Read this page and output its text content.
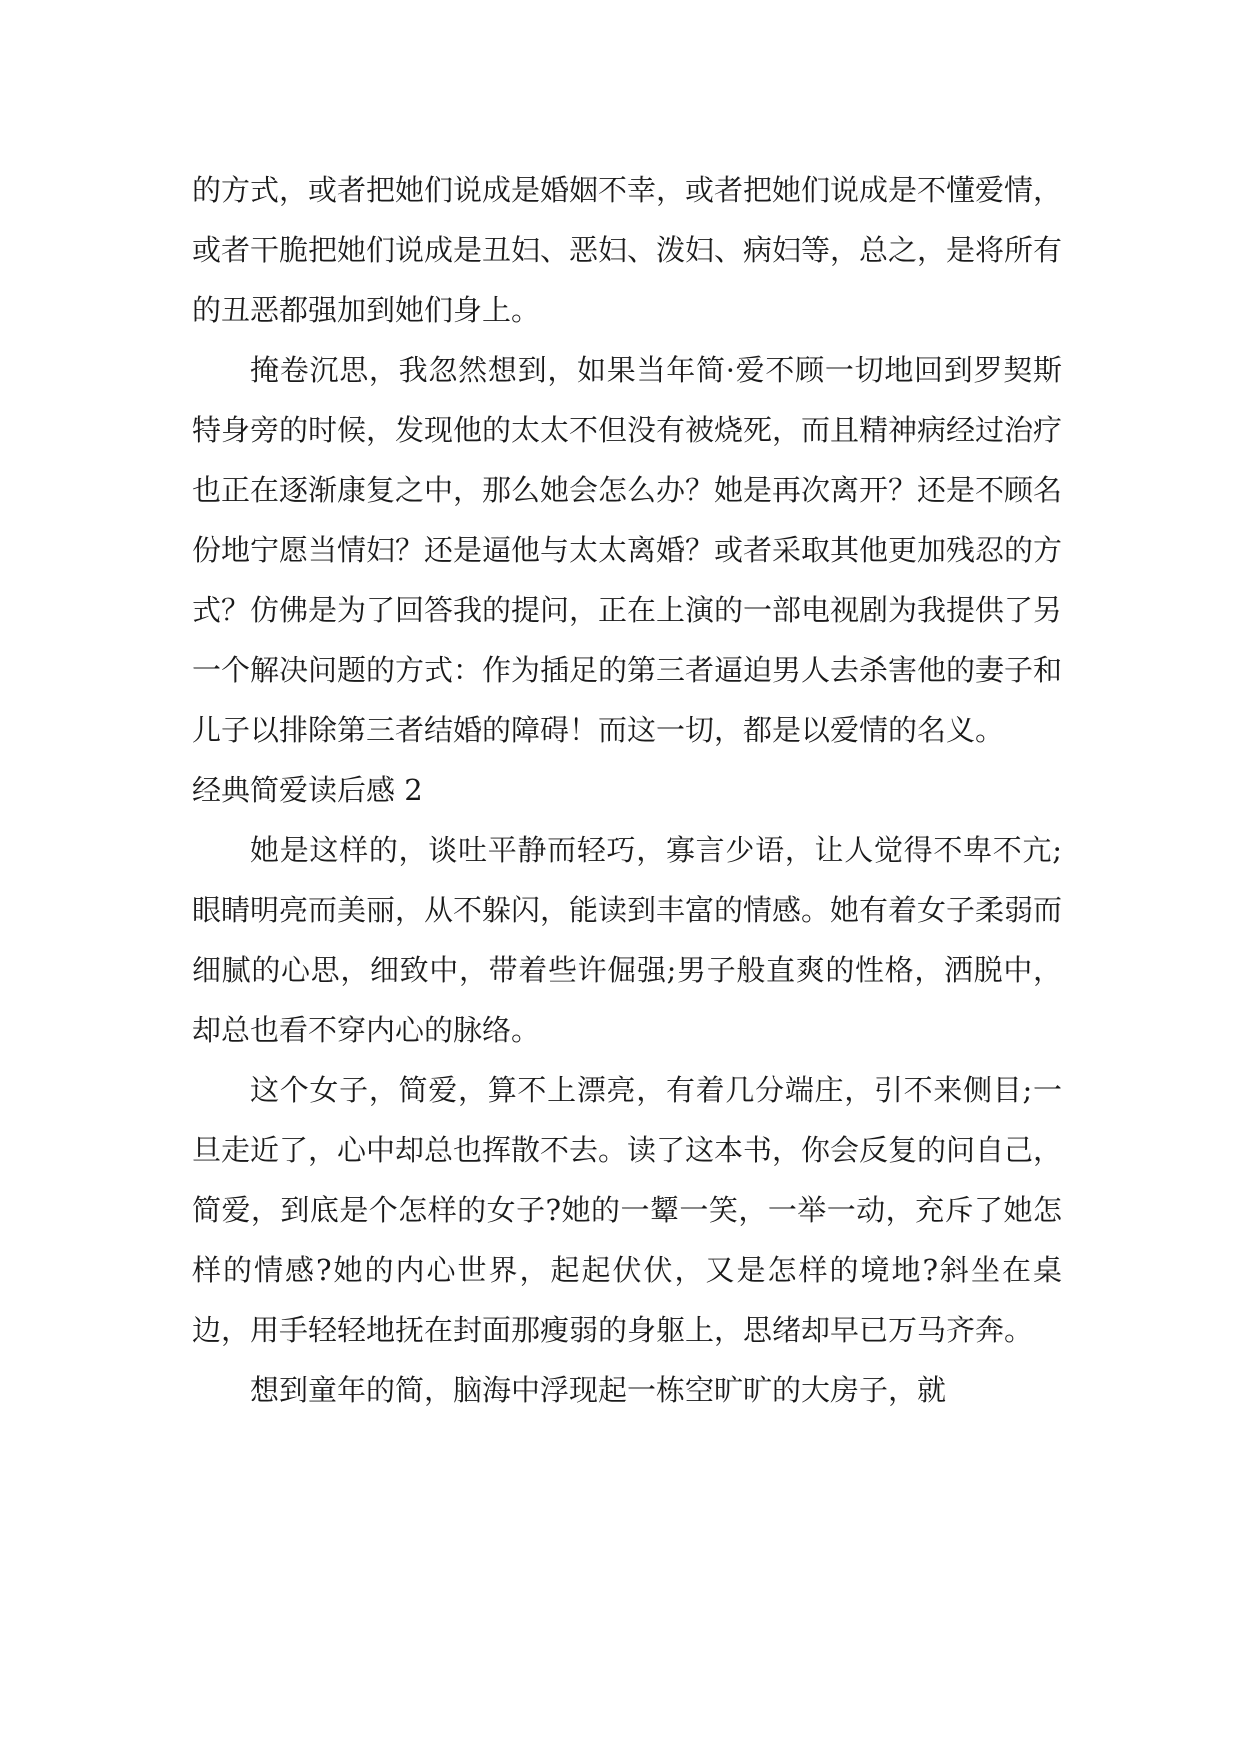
的方式，或者把她们说成是婚姻不幸，或者把她们说成是不懂爱情，或者干脆把她们说成是丑妇、恶妇、泼妇、病妇等，总之，是将所有的丑恶都强加到她们身上。

掩卷沉思，我忽然想到，如果当年简·爱不顾一切地回到罗契斯特身旁的时候，发现他的太太不但没有被烧死，而且精神病经过治疗也正在逐渐康复之中，那么她会怎么办？她是再次离开？还是不顾名份地宁愿当情妇？还是逼他与太太离婚？或者采取其他更加残忍的方式？仿佛是为了回答我的提问，正在上演的一部电视剧为我提供了另一个解决问题的方式：作为插足的第三者逼迫男人去杀害他的妻子和儿子以排除第三者结婚的障碍！而这一切，都是以爱情的名义。

经典简爱读后感 2

她是这样的，谈吐平静而轻巧，寡言少语，让人觉得不卑不亢;眼睛明亮而美丽，从不躲闪，能读到丰富的情感。她有着女子柔弱而细腻的心思，细致中，带着些许倔强;男子般直爽的性格，洒脱中，却总也看不穿内心的脉络。

这个女子，简爱，算不上漂亮，有着几分端庄，引不来侧目;一旦走近了，心中却总也挥散不去。读了这本书，你会反复的问自己，简爱，到底是个怎样的女子?她的一颦一笑，一举一动，充斥了她怎样的情感?她的内心世界，起起伏伏，又是怎样的境地?斜坐在桌边，用手轻轻地抚在封面那瘦弱的身躯上，思绪却早已万马齐奔。

想到童年的简，脑海中浮现起一栋空旷旷的大房子，就
